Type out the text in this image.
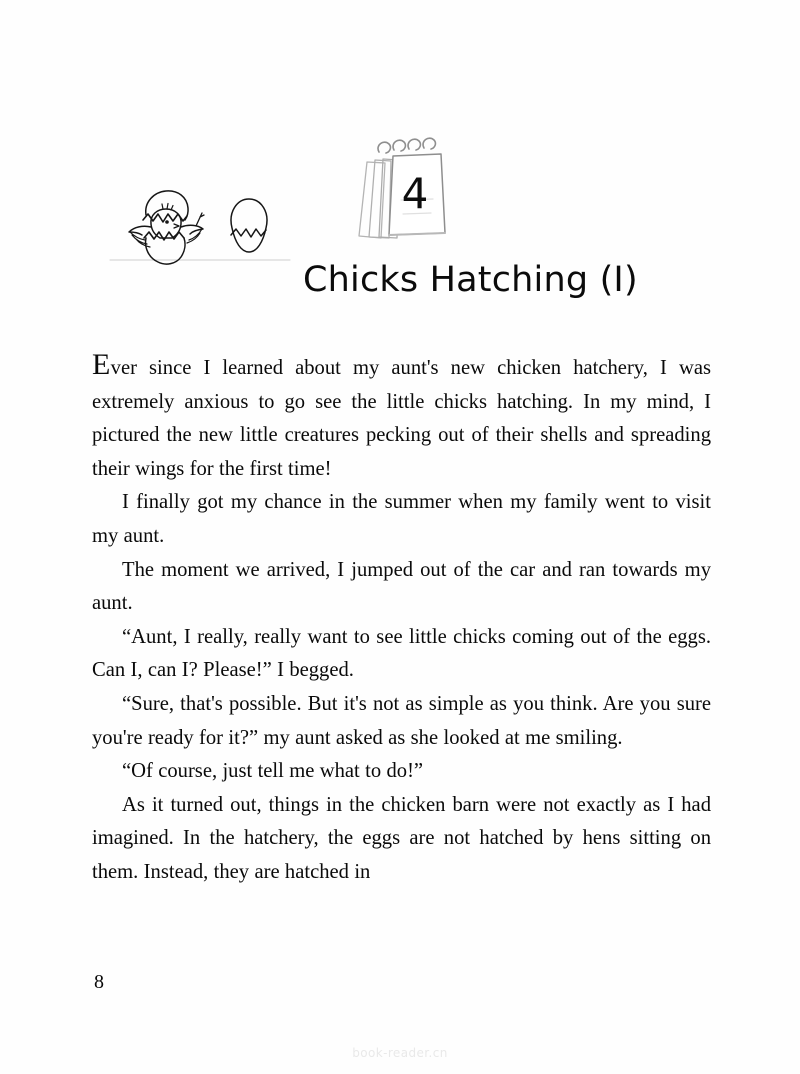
4
Chicks Hatching (I)

Ever since I learned about my aunt's new chicken hatchery, I was extremely anxious to go see the little chicks hatching. In my mind, I pictured the new little creatures pecking out of their shells and spreading their wings for the first time!

I finally got my chance in the summer when my family went to visit my aunt.

The moment we arrived, I jumped out of the car and ran towards my aunt.

“Aunt, I really, really want to see little chicks coming out of the eggs. Can I, can I? Please!” I begged.

“Sure, that's possible. But it's not as simple as you think. Are you sure you're ready for it?” my aunt asked as she looked at me smiling.

“Of course, just tell me what to do!”

As it turned out, things in the chicken barn were not exactly as I had imagined. In the hatchery, the eggs are not hatched by hens sitting on them. Instead, they are hatched in

8
book-reader.cn
